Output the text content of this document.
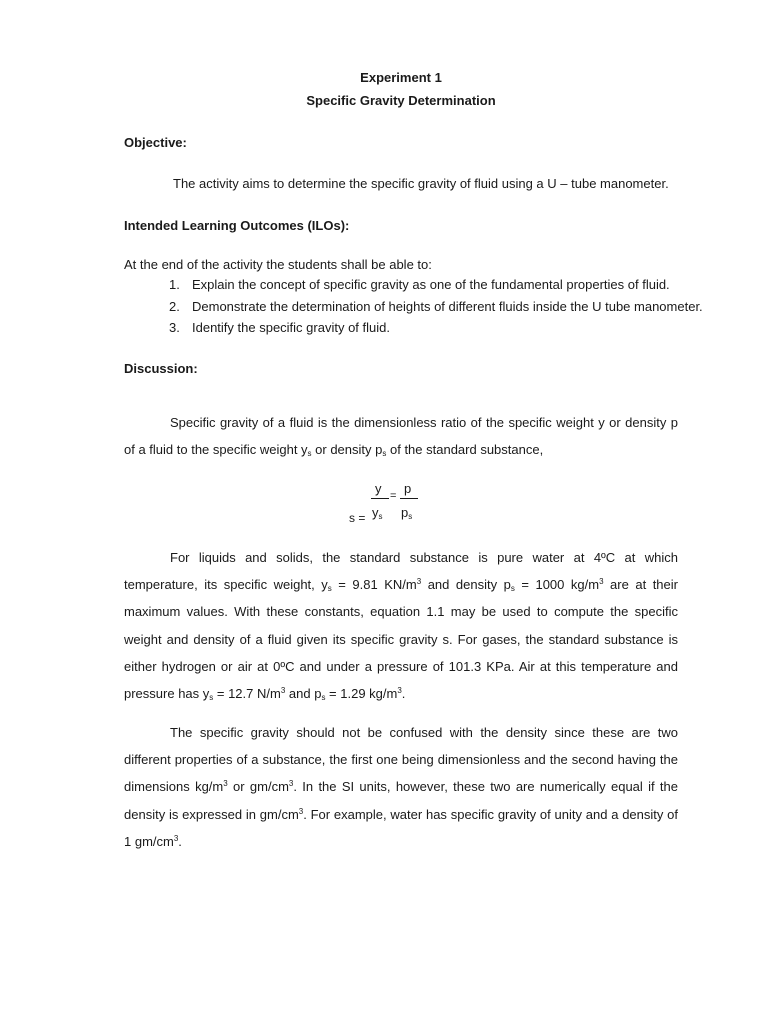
Experiment 1
Specific Gravity Determination
Objective:
The activity aims to determine the specific gravity of fluid using a U – tube manometer.
Intended Learning Outcomes (ILOs):
At the end of the activity the students shall be able to:
1. Explain the concept of specific gravity as one of the fundamental properties of fluid.
2. Demonstrate the determination of heights of different fluids inside the U tube manometer.
3. Identify the specific gravity of fluid.
Discussion:

Specific gravity of a fluid is the dimensionless ratio of the specific weight y or density p of a fluid to the specific weight $y_s$ or density $p_s$ of the standard substance,

s =
y
$y_s$
= p
$p_s$

For liquids and solids, the standard substance is pure water at 4ºC at which temperature, its specific weight, $y_s = 9.81$ $KN/m^3$ and density $p_s = 1000$ $kg/m^3$ are at their maximum values. With these constants, equation 1.1 may be used to compute the specific weight and density of a fluid given its specific gravity s. For gases, the standard substance is either hydrogen or air at 0ºC and under a pressure of 101.3 KPa. Air at this temperature and pressure has $y_s = 12.7$ $N/m^3$ and $p_s = 1.29$ $kg/m^3$.

The specific gravity should not be confused with the density since these are two different properties of a substance, the first one being dimensionless and the second having the dimensions $kg/m^3$ or $gm/cm^3$. In the SI units, however, these two are numerically equal if the density is expressed in $gm/cm^3$. For example, water has specific gravity of unity and a density of 1 $gm/cm^3$.
